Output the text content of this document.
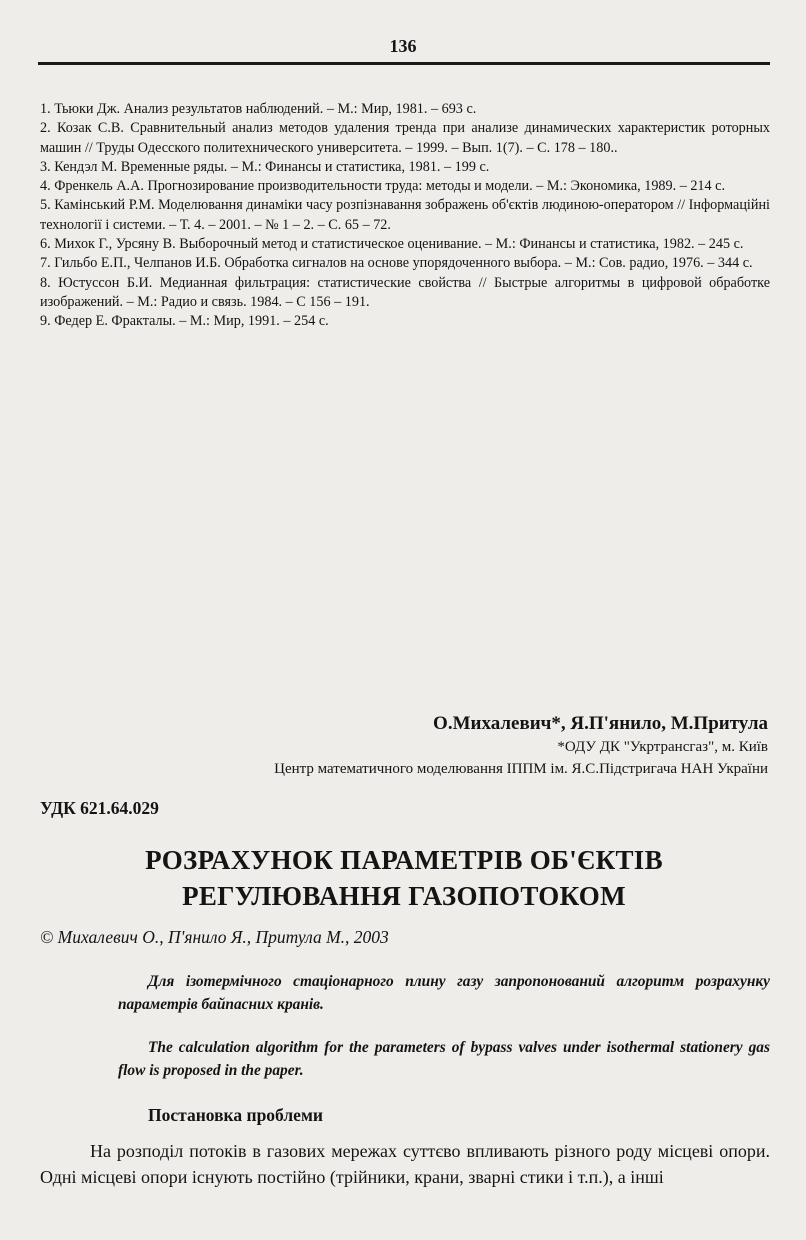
136

1. Тьюки Дж. Анализ результатов наблюдений. – М.: Мир, 1981. – 693 с.

2. Козак С.В. Сравнительный анализ методов удаления тренда при анализе динамических характеристик роторных машин // Труды Одесского политехнического университета. – 1999. – Вып. 1(7). – С. 178 – 180..

3. Кендэл М. Временные ряды. – М.: Финансы и статистика, 1981. – 199 с.

4. Френкель А.А. Прогнозирование производительности труда: методы и модели. – М.: Экономика, 1989. – 214 с.

5. Камінський Р.М. Моделювання динаміки часу розпізнавання зображень об'єктів людиною-оператором // Інформаційні технології і системи. – Т. 4. – 2001. – № 1 – 2. – С. 65 – 72.

6. Михок Г., Урсяну В. Выборочный метод и статистическое оценивание. – М.: Финансы и статистика, 1982. – 245 с.

7. Гильбо Е.П., Челпанов И.Б. Обработка сигналов на основе упорядоченного выбора. – М.: Сов. радио, 1976. – 344 с.

8. Юстуссон Б.И. Медианная фильтрация: статистические свойства // Быстрые алгоритмы в цифровой обработке изображений. – М.: Радио и связь. 1984. – С 156 – 191.

9. Федер Е. Фракталы. – М.: Мир, 1991. – 254 с.

О.Михалевич*, Я.П'янило, М.Притула
*ОДУ ДК "Укртрансгаз", м. Київ
Центр математичного моделювання ІППМ ім. Я.С.Підстригача НАН України
УДК 621.64.029
РОЗРАХУНОК ПАРАМЕТРІВ ОБ'ЄКТІВ РЕГУЛЮВАННЯ ГАЗОПОТОКОМ
© Михалевич О., П'янило Я., Притула М., 2003
Для ізотермічного стаціонарного плину газу запропонований алгоритм розрахунку параметрів байпасних кранів.
The calculation algorithm for the parameters of bypass valves under isothermal stationery gas flow is proposed in the paper.
Постановка проблеми
На розподіл потоків в газових мережах суттєво впливають різного роду місцеві опори. Одні місцеві опори існують постійно (трійники, крани, зварні стики і т.п.), а інші
